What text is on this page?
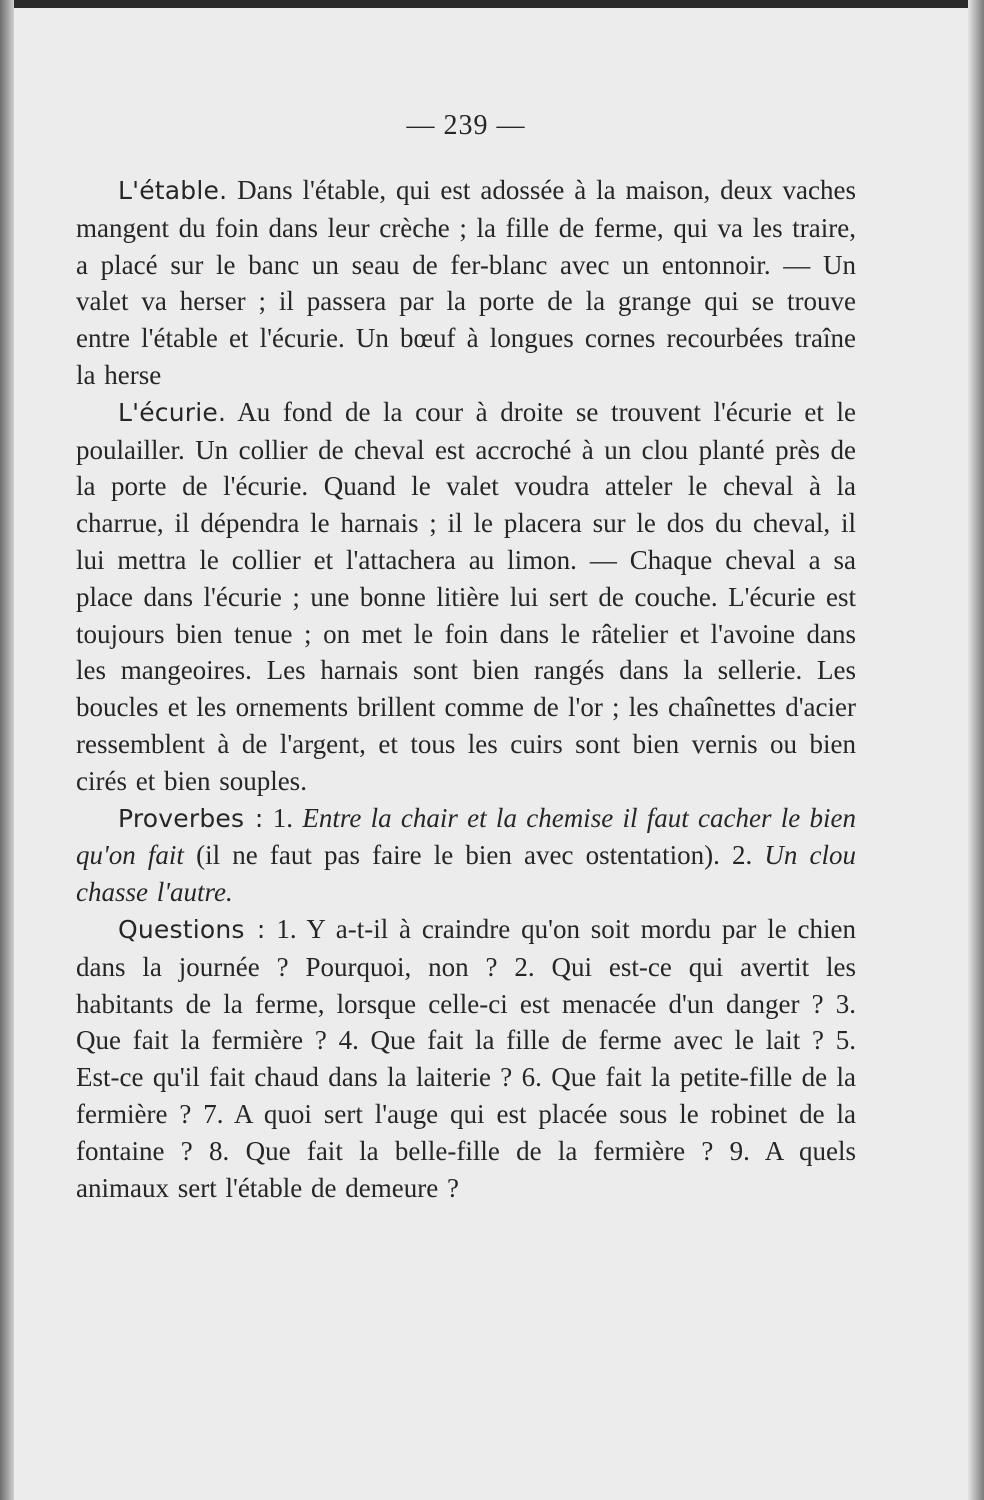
— 239 —

L'étable. Dans l'étable, qui est adossée à la maison, deux vaches mangent du foin dans leur crèche ; la fille de ferme, qui va les traire, a placé sur le banc un seau de fer-blanc avec un entonnoir. — Un valet va herser ; il passera par la porte de la grange qui se trouve entre l'étable et l'écurie. Un bœuf à longues cornes recourbées traîne la herse

L'écurie. Au fond de la cour à droite se trouvent l'écurie et le poulailler. Un collier de cheval est accroché à un clou planté près de la porte de l'écurie. Quand le valet voudra atteler le cheval à la charrue, il dépendra le harnais ; il le placera sur le dos du cheval, il lui mettra le collier et l'attachera au limon. — Chaque cheval a sa place dans l'écurie ; une bonne litière lui sert de couche. L'écurie est toujours bien tenue ; on met le foin dans le râtelier et l'avoine dans les mangeoires. Les harnais sont bien rangés dans la sellerie. Les boucles et les ornements brillent comme de l'or ; les chaînettes d'acier ressemblent à de l'argent, et tous les cuirs sont bien vernis ou bien cirés et bien souples.

Proverbes : 1. Entre la chair et la chemise il faut cacher le bien qu'on fait (il ne faut pas faire le bien avec ostentation). 2. Un clou chasse l'autre.

Questions : 1. Y a-t-il à craindre qu'on soit mordu par le chien dans la journée ? Pourquoi, non ? 2. Qui est-ce qui avertit les habitants de la ferme, lorsque celle-ci est menacée d'un danger ? 3. Que fait la fermière ? 4. Que fait la fille de ferme avec le lait ? 5. Est-ce qu'il fait chaud dans la laiterie ? 6. Que fait la petite-fille de la fermière ? 7. A quoi sert l'auge qui est placée sous le robinet de la fontaine ? 8. Que fait la belle-fille de la fermière ? 9. A quels animaux sert l'étable de demeure ?
